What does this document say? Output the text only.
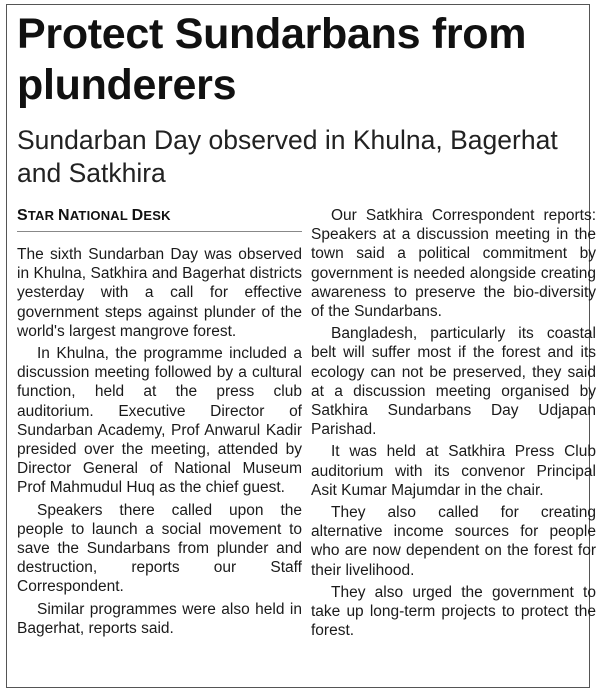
Protect Sundarbans from plunderers
Sundarban Day observed in Khulna, Bagerhat and Satkhira
STAR NATIONAL DESK

The sixth Sundarban Day was observed in Khulna, Satkhira and Bagerhat districts yesterday with a call for effective government steps against plunder of the world's largest mangrove forest.

In Khulna, the programme included a discussion meeting followed by a cultural function, held at the press club auditorium. Executive Director of Sundarban Academy, Prof Anwarul Kadir presided over the meeting, attended by Director General of National Museum Prof Mahmudul Huq as the chief guest.

Speakers there called upon the people to launch a social movement to save the Sundarbans from plunder and destruction, reports our Staff Correspondent.

Similar programmes were also held in Bagerhat, reports said.

Our Satkhira Correspondent reports: Speakers at a discussion meeting in the town said a political commitment by government is needed alongside creating awareness to preserve the bio-diversity of the Sundarbans.

Bangladesh, particularly its coastal belt will suffer most if the forest and its ecology can not be preserved, they said at a discussion meeting organised by Satkhira Sundarbans Day Udjapan Parishad.

It was held at Satkhira Press Club auditorium with its convenor Principal Asit Kumar Majumdar in the chair.

They also called for creating alternative income sources for people who are now dependent on the forest for their livelihood.

They also urged the government to take up long-term projects to protect the forest.
